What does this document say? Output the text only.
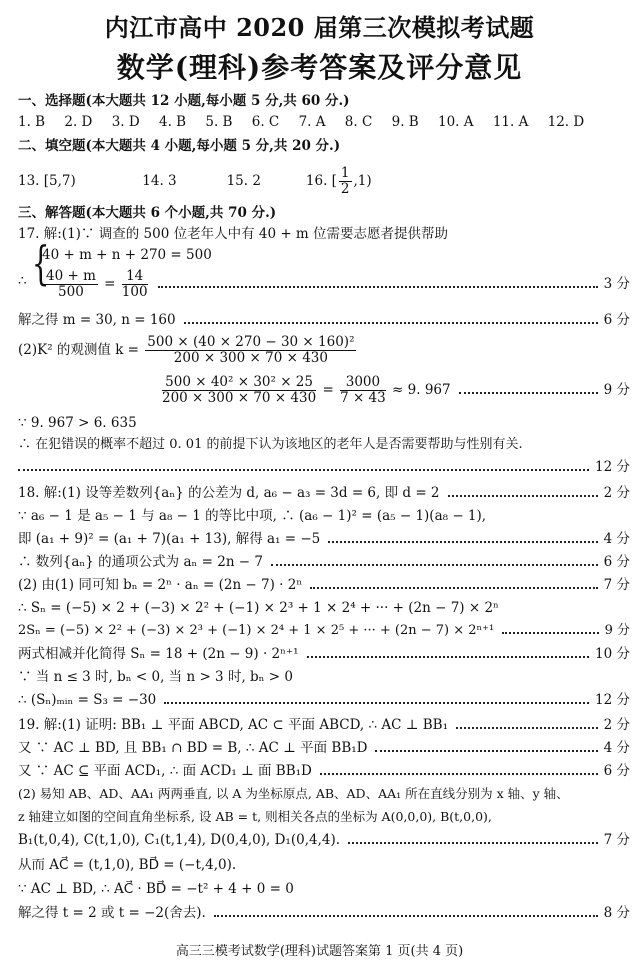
内江市高中 2020 届第三次模拟考试题
数学(理科)参考答案及评分意见
一、选择题(本大题共 12 小题,每小题 5 分,共 60 分.)
1. B 2. D 3. D 4. B 5. B 6. C 7. A 8. C 9. B 10. A 11. A 12. D
二、填空题(本大题共 4 小题,每小题 5 分,共 20 分.)
13. [5,7)	14. 3	15. 2	16. [ $\frac{1}{2} ,1$)
三、解答题(本大题共 6 个小题,共 70 分.)
17. 解:(1)∵ 调查的 500 位老年人中有 40 + m 位需要志愿者提供帮助
∴ {
40 + m + n + 270 = 500
$\frac{40 + m}{500} = \frac{14}{100}$	3 分
解之得 m = 30, n = 160	6 分
(2)K² 的观测值 $k = \frac{\text{500 × (40 × 270 − 30 × 160)²}}{200 \times 300 \times 70 \times 430}$
$\frac{\text{500 × 40² × 30² × 25}}{200 \times 300 \times 70 \times 430} = \frac{3000}{7 \times 43} \approx 9$. 967	9 分
∵ 9. 967 > 6. 635
∴ 在犯错误的概率不超过 0. 01 的前提下认为该地区的老年人是否需要帮助与性别有关.
12 分
18. 解:(1) 设等差数列{aₙ} 的公差为 d, a₆ − a₃ = 3d = 6, 即 d = 2	2 分
∵ a₆ − 1 是 a₅ − 1 与 a₈ − 1 的等比中项, ∴ (a₆ − 1)² = (a₅ − 1)(a₈ − 1),
即 (a₁ + 9)² = (a₁ + 7)(a₁ + 13), 解得 a₁ = −5	4 分
∴ 数列{aₙ} 的通项公式为 aₙ = 2n − 7	6 分
(2) 由(1) 同可知 bₙ = 2ⁿ · aₙ = (2n − 7) · 2ⁿ	7 分
∴ Sₙ = (−5) × 2 + (−3) × 2² + (−1) × 2³ + 1 × 2⁴ + ··· + (2n − 7) × 2ⁿ
2Sₙ = (−5) × 2² + (−3) × 2³ + (−1) × 2⁴ + 1 × 2⁵ + ··· + (2n − 7) × 2ⁿ⁺¹	9 分
两式相减并化简得 Sₙ = 18 + (2n − 9) · 2ⁿ⁺¹	10 分
∵ 当 n ≤ 3 时, bₙ < 0, 当 n > 3 时, bₙ > 0
∴ (Sₙ)ₘᵢₙ = S₃ = −30	12 分
19. 解:(1) 证明: BB₁ ⊥ 平面 ABCD, AC ⊂ 平面 ABCD, ∴ AC ⊥ BB₁	2 分
又 ∵ AC ⊥ BD, 且 BB₁ ∩ BD = B, ∴ AC ⊥ 平面 BB₁D	4 分
又 ∵ AC ⊆ 平面 ACD₁, ∴ 面 ACD₁ ⊥ 面 BB₁D	6 分
(2) 易知 AB、AD、AA₁ 两两垂直, 以 A 为坐标原点, AB、AD、AA₁ 所在直线分别为 x 轴、y 轴、
z 轴建立如图的空间直角坐标系, 设 AB = t, 则相关各点的坐标为 A(0,0,0), B(t,0,0),
B₁(t,0,4), C(t,1,0), C₁(t,1,4), D(0,4,0), D₁(0,4,4).	7 分
从而 AC⃗ = (t,1,0), BD⃗ = (−t,4,0).
∵ AC ⊥ BD, ∴ AC⃗ · BD⃗ = −t² + 4 + 0 = 0
解之得 t = 2 或 t = −2(舍去).	8 分
高三三模考试数学(理科)试题答案第 1 页(共 4 页)
